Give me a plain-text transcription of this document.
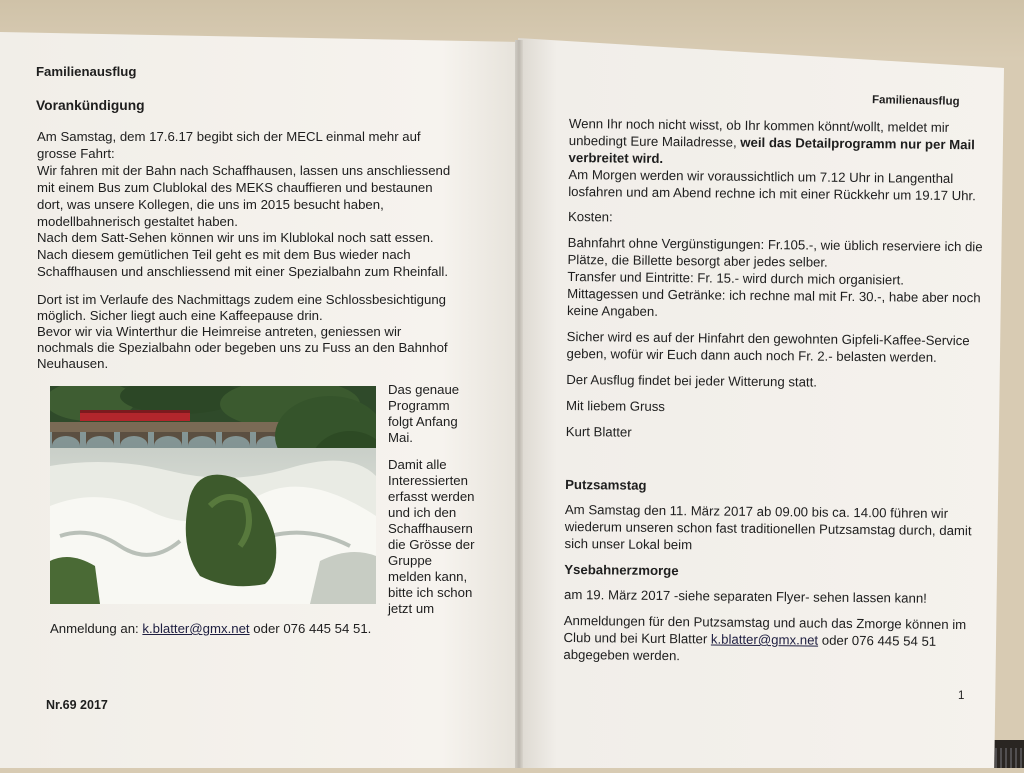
Familienausflug

Vorankündigung

Am Samstag, dem 17.6.17 begibt sich der MECL einmal mehr auf

grosse Fahrt:

Wir fahren mit der Bahn nach Schaffhausen, lassen uns anschliessend

mit einem Bus zum Clublokal des MEKS chauffieren und bestaunen

dort, was unsere Kollegen, die uns im 2015 besucht haben,

modellbahnerisch gestaltet haben.

Nach dem Satt-Sehen können wir uns im Klublokal noch satt essen.

Nach diesem gemütlichen Teil geht es mit dem Bus wieder nach

Schaffhausen und anschliessend mit einer Spezialbahn zum Rheinfall.

Dort ist im Verlaufe des Nachmittags zudem eine Schlossbesichtigung

möglich. Sicher liegt auch eine Kaffeepause drin.

Bevor wir via Winterthur die Heimreise antreten, geniessen wir

nochmals die Spezialbahn oder begeben uns zu Fuss an den Bahnhof

Neuhausen.

Das genaue

Programm

folgt Anfang

Mai.

Damit alle

Interessierten

erfasst werden

und ich den

Schaffhausern

die Grösse der

Gruppe

melden kann,

bitte ich schon

jetzt um

Anmeldung an: k.blatter@gmx.net oder 076 445 54 51.

Nr.69 2017

Familienausflug

Wenn Ihr noch nicht wisst, ob Ihr kommen könnt/wollt, meldet mir

unbedingt Eure Mailadresse, weil das Detailprogramm nur per Mail

verbreitet wird.

Am Morgen werden wir voraussichtlich um 7.12 Uhr in Langenthal

losfahren und am Abend rechne ich mit einer Rückkehr um 19.17 Uhr.

Kosten:

Bahnfahrt ohne Vergünstigungen: Fr.105.-, wie üblich reserviere ich die

Plätze, die Billette besorgt aber jedes selber.

Transfer und Eintritte: Fr. 15.- wird durch mich organisiert.

Mittagessen und Getränke: ich rechne mal mit Fr. 30.-, habe aber noch

keine Angaben.

Sicher wird es auf der Hinfahrt den gewohnten Gipfeli-Kaffee-Service

geben, wofür wir Euch dann auch noch Fr. 2.- belasten werden.

Der Ausflug findet bei jeder Witterung statt.

Mit liebem Gruss

Kurt Blatter

Putzsamstag

Am Samstag den 11. März 2017 ab 09.00 bis ca. 14.00 führen wir

wiederum unseren schon fast traditionellen Putzsamstag durch, damit

sich unser Lokal beim

Ysebahnerzmorge

am 19. März 2017 -siehe separaten Flyer- sehen lassen kann!

Anmeldungen für den Putzsamstag und auch das Zmorge können im

Club und bei Kurt Blatter k.blatter@gmx.net oder 076 445 54 51

abgegeben werden.

1
